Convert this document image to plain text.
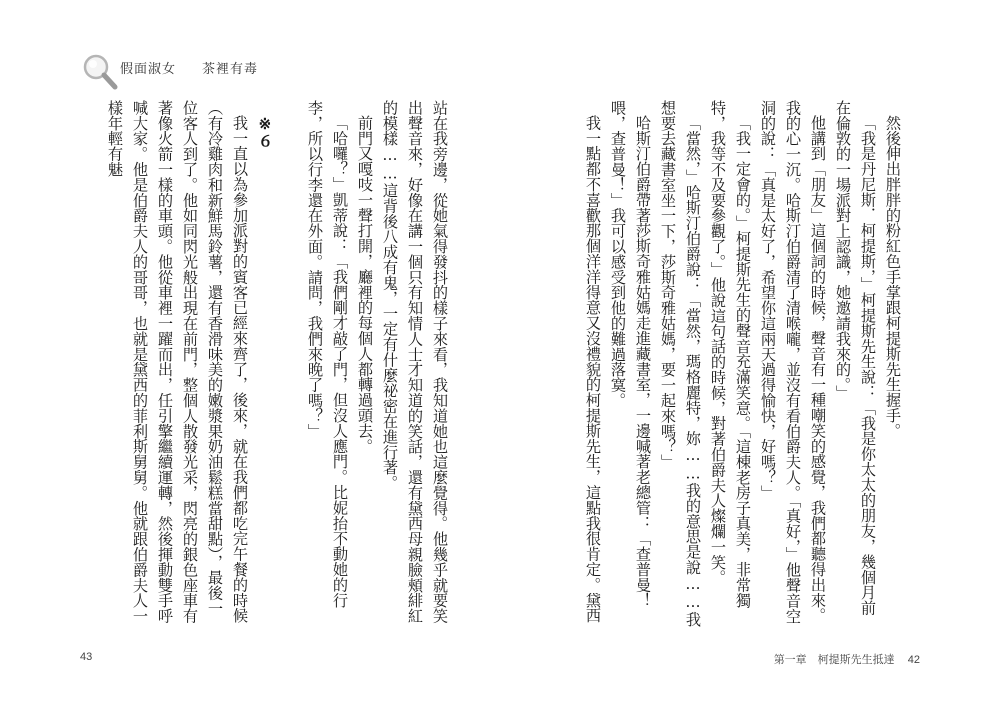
假面淑女 茶裡有毒

站在我旁邊，從她氣得發抖的樣子來看，我知道她也這麼覺得。他幾乎就要笑出聲音來，好像在講一個只有知情人士才知道的笑話，還有黛西母親臉頰緋紅的模樣……這背後八成有鬼，一定有什麼祕密在進行著。

前門又嘎吱一聲打開，廳裡的每個人都轉過頭去。

「哈囉？」凱蒂說：「我們剛才敲了門，但沒人應門。比妮抬不動她的行李，所以行李還在外面。請問，我們來晚了嗎？」

※６

我一直以為參加派對的賓客已經來齊了，後來，就在我們都吃完午餐的時候（有冷雞肉和新鮮馬鈴薯，還有香滑味美的嫩漿果奶油鬆糕當甜點），最後一位客人到了。他如同閃光般出現在前門，整個人散發光采，閃亮的銀色座車有著像火箭一樣的車頭。他從車裡一躍而出，任引擎繼續運轉，然後揮動雙手呼喊大家。他是伯爵夫人的哥哥，也就是黛西的菲利斯舅舅。他就跟伯爵夫人一樣年輕有魅

43

然後伸出胖胖的粉紅色手掌跟柯提斯先生握手。

「我是丹尼斯．柯提斯，」柯提斯先生說：「我是你太太的朋友，幾個月前在倫敦的一場派對上認識，她邀請我來的。」

他講到「朋友」這個詞的時候，聲音有一種嘲笑的感覺，我們都聽得出來。我的心一沉。哈斯汀伯爵清了清喉嚨，並沒有看伯爵夫人。「真好，」他聲音空洞的說：「真是太好了，希望你這兩天過得愉快，好嗎？」

「我一定會的。」柯提斯先生的聲音充滿笑意。「這棟老房子真美，非常獨特，我等不及要參觀了。」他說這句話的時候，對著伯爵夫人燦爛一笑。

「當然，」哈斯汀伯爵說：「當然，瑪格麗特，妳……我的意思是說……我想要去藏書室坐一下，莎斯奇雅姑媽，要一起來嗎？」

哈斯汀伯爵帶著莎斯奇雅姑媽走進藏書室，一邊喊著老總管：「查普曼！喂，查普曼！」我可以感受到他的難過落寞。

我一點都不喜歡那個洋洋得意又沒禮貌的柯提斯先生，這點我很肯定。黛西

第一章　柯提斯先生抵達 42
